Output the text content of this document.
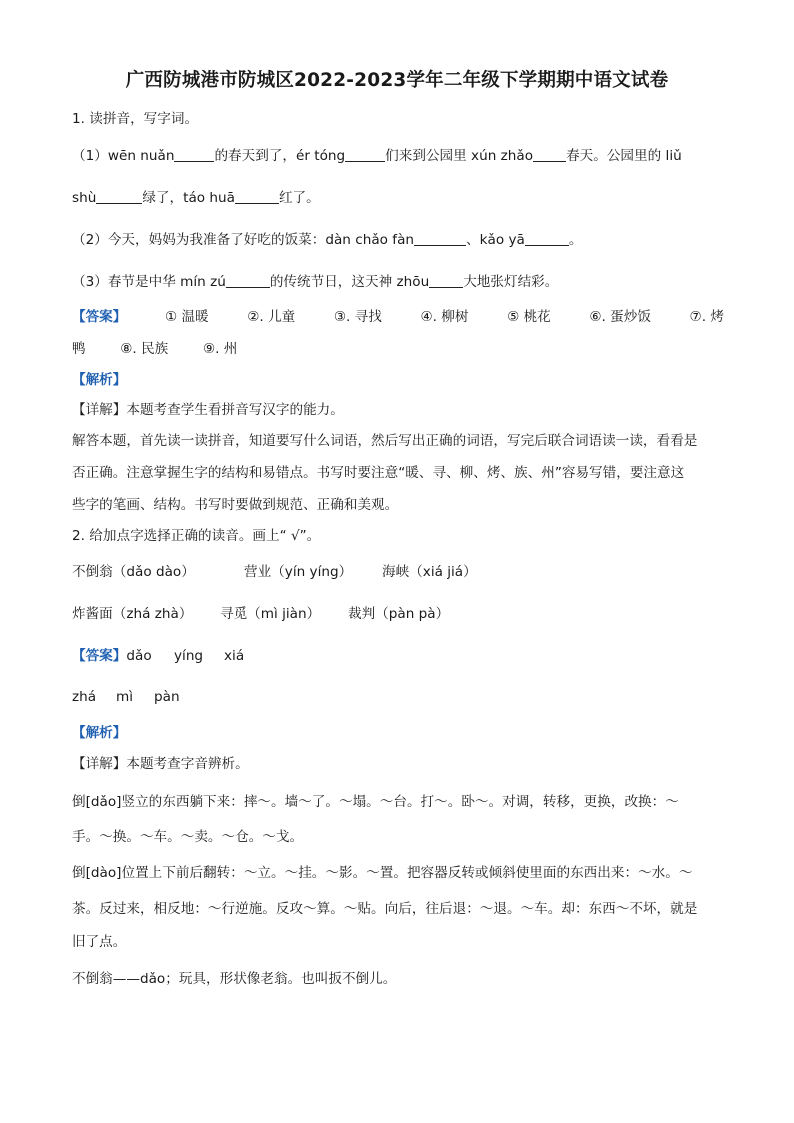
广西防城港市防城区2022-2023学年二年级下学期期中语文试卷
1. 读拼音，写字词。
（1）wēn nuǎn	的春天到了，ér tóng	们来到公园里 xún zhǎo 春天。公园里的 liǔ
shù	绿了，táo huā	红了。
（2）今天，妈妈为我准备了好吃的饭菜：dàn chǎo fàn	、kǎo yā	。
（3）春节是中华 mín zú	的传统节日，这天神 zhōu	大地张灯结彩。
【答案】	① 温暖	②. 儿童	③. 寻找	④. 柳树	⑤ 桃花	⑥. 蛋炒饭	⑦. 烤
鸭	⑧. 民族	⑨. 州
【解析】
【详解】本题考查学生看拼音写汉字的能力。
解答本题，首先读一读拼音，知道要写什么词语，然后写出正确的词语，写完后联合词语读一读，看看是
否正确。注意掌握生字的结构和易错点。书写时要注意“暖、寻、柳、烤、族、州”容易写错，要注意这
些字的笔画、结构。书写时要做到规范、正确和美观。
2. 给加点字选择正确的读音。画上“ √”。
不倒翁（dǎo dào）	营业（yín yíng） 海峡（xiá jiá）
炸酱面（zhá zhà） 寻觅（mì jiàn） 裁判（pàn pà）
【答案】dǎo yíng xiá
zhá mì pàn
【解析】
【详解】本题考查字音辨析。
倒[dǎo]竖立的东西躺下来：摔～。墙～了。～塌。～台。打～。卧～。对调，转移，更换，改换：～
手。～换。～车。～卖。～仓。～戈。
倒[dào]位置上下前后翻转：～立。～挂。～影。～置。把容器反转或倾斜使里面的东西出来：～水。～
茶。反过来，相反地：～行逆施。反攻～算。～贴。向后，往后退：～退。～车。却：东西～不坏，就是
旧了点。
不倒翁——dǎo；玩具，形状像老翁。也叫扳不倒儿。
